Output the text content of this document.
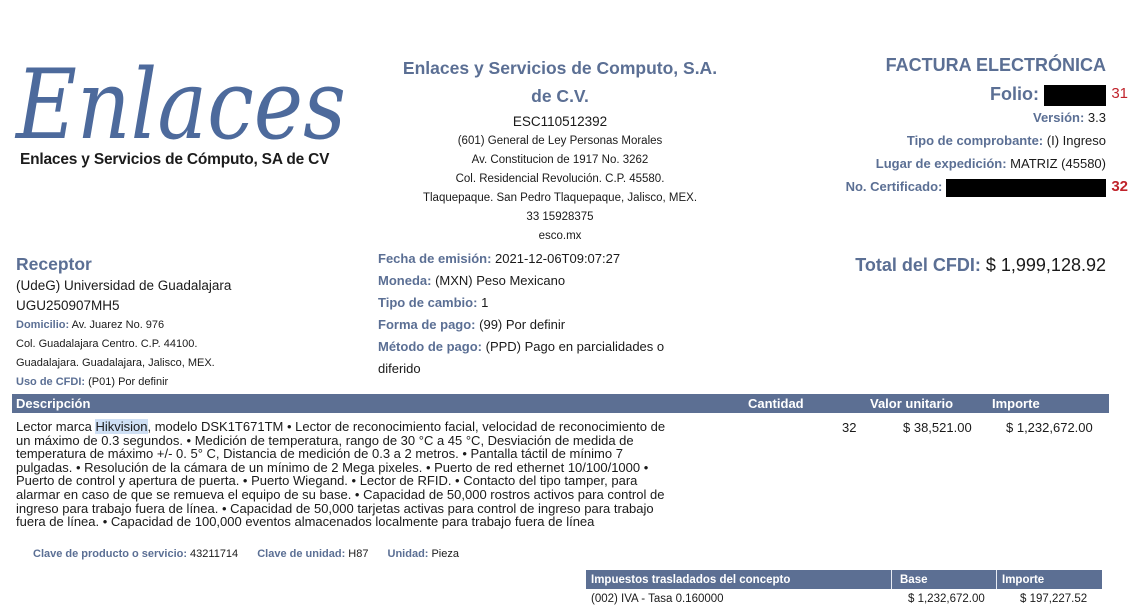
Enlaces
Enlaces y Servicios de Cómputo, SA de CV
Enlaces y Servicios de Computo, S.A.
de C.V.
ESC110512392
(601) General de Ley Personas Morales
Av. Constitucion de 1917 No. 3262
Col. Residencial Revolución. C.P. 45580.
Tlaquepaque. San Pedro Tlaquepaque, Jalisco, MEX.
33 15928375
esco.mx
FACTURA ELECTRÓNICA
Folio:	31
Versión: 3.3
Tipo de comprobante: (I) Ingreso
Lugar de expedición: MATRIZ (45580)
No. Certificado:	32
Receptor
(UdeG) Universidad de Guadalajara
UGU250907MH5
Domicilio: Av. Juarez No. 976
Col. Guadalajara Centro. C.P. 44100.
Guadalajara. Guadalajara, Jalisco, MEX.
Uso de CFDI: (P01) Por definir
Fecha de emisión: 2021-12-06T09:07:27
Moneda: (MXN) Peso Mexicano
Tipo de cambio: 1
Forma de pago: (99) Por definir
Método de pago: (PPD) Pago en parcialidades o
diferido
Total del CFDI: $ 1,999,128.92
Descripción	Cantidad	Valor unitario	Importe
Lector marca Hikvision, modelo DSK1T671TM • Lector de reconocimiento facial, velocidad de reconocimiento de
un máximo de 0.3 segundos. • Medición de temperatura, rango de 30 °C a 45 °C, Desviación de medida de
temperatura de máximo +/- 0. 5° C, Distancia de medición de 0.3 a 2 metros. • Pantalla táctil de mínimo 7
pulgadas. • Resolución de la cámara de un mínimo de 2 Mega pixeles. • Puerto de red ethernet 10/100/1000 •
Puerto de control y apertura de puerta. • Puerto Wiegand. • Lector de RFID. • Contacto del tipo tamper, para
alarmar en caso de que se remueva el equipo de su base. • Capacidad de 50,000 rostros activos para control de
ingreso para trabajo fuera de línea. • Capacidad de 50,000 tarjetas activas para control de ingreso para trabajo
fuera de línea. • Capacidad de 100,000 eventos almacenados localmente para trabajo fuera de línea
32	$ 38,521.00	$ 1,232,672.00
Clave de producto o servicio: 43211714 Clave de unidad: H87 Unidad: Pieza
Impuestos trasladados del concepto	Base	Importe
(002) IVA - Tasa 0.160000	$ 1,232,672.00	$ 197,227.52
